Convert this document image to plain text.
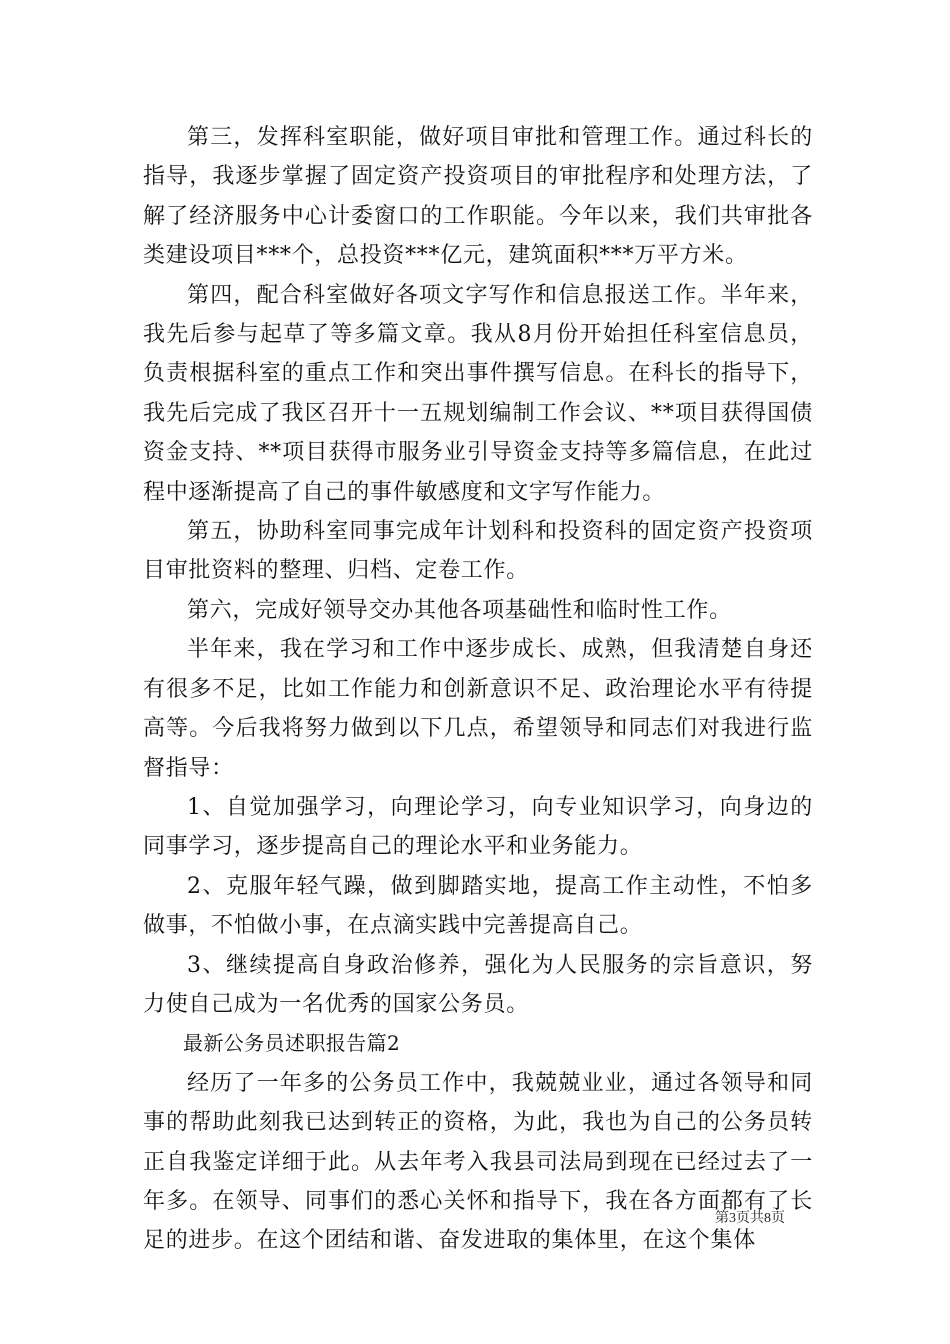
第三，发挥科室职能，做好项目审批和管理工作。通过科长的指导，我逐步掌握了固定资产投资项目的审批程序和处理方法，了解了经济服务中心计委窗口的工作职能。今年以来，我们共审批各类建设项目***个，总投资***亿元，建筑面积***万平方米。

第四，配合科室做好各项文字写作和信息报送工作。半年来，我先后参与起草了等多篇文章。我从8月份开始担任科室信息员，负责根据科室的重点工作和突出事件撰写信息。在科长的指导下，我先后完成了我区召开十一五规划编制工作会议、**项目获得国债资金支持、**项目获得市服务业引导资金支持等多篇信息，在此过程中逐渐提高了自己的事件敏感度和文字写作能力。

第五，协助科室同事完成年计划科和投资科的固定资产投资项目审批资料的整理、归档、定卷工作。

第六，完成好领导交办其他各项基础性和临时性工作。

半年来，我在学习和工作中逐步成长、成熟，但我清楚自身还有很多不足，比如工作能力和创新意识不足、政治理论水平有待提高等。今后我将努力做到以下几点，希望领导和同志们对我进行监督指导：

1、自觉加强学习，向理论学习，向专业知识学习，向身边的同事学习，逐步提高自己的理论水平和业务能力。

2、克服年轻气躁，做到脚踏实地，提高工作主动性，不怕多做事，不怕做小事，在点滴实践中完善提高自己。

3、继续提高自身政治修养，强化为人民服务的宗旨意识，努力使自己成为一名优秀的国家公务员。

最新公务员述职报告篇2

经历了一年多的公务员工作中，我兢兢业业，通过各领导和同事的帮助此刻我已达到转正的资格，为此，我也为自己的公务员转正自我鉴定详细于此。从去年考入我县司法局到现在已经过去了一年多。在领导、同事们的悉心关怀和指导下，我在各方面都有了长足的进步。在这个团结和谐、奋发进取的集体里，在这个集体

第3页共8页
